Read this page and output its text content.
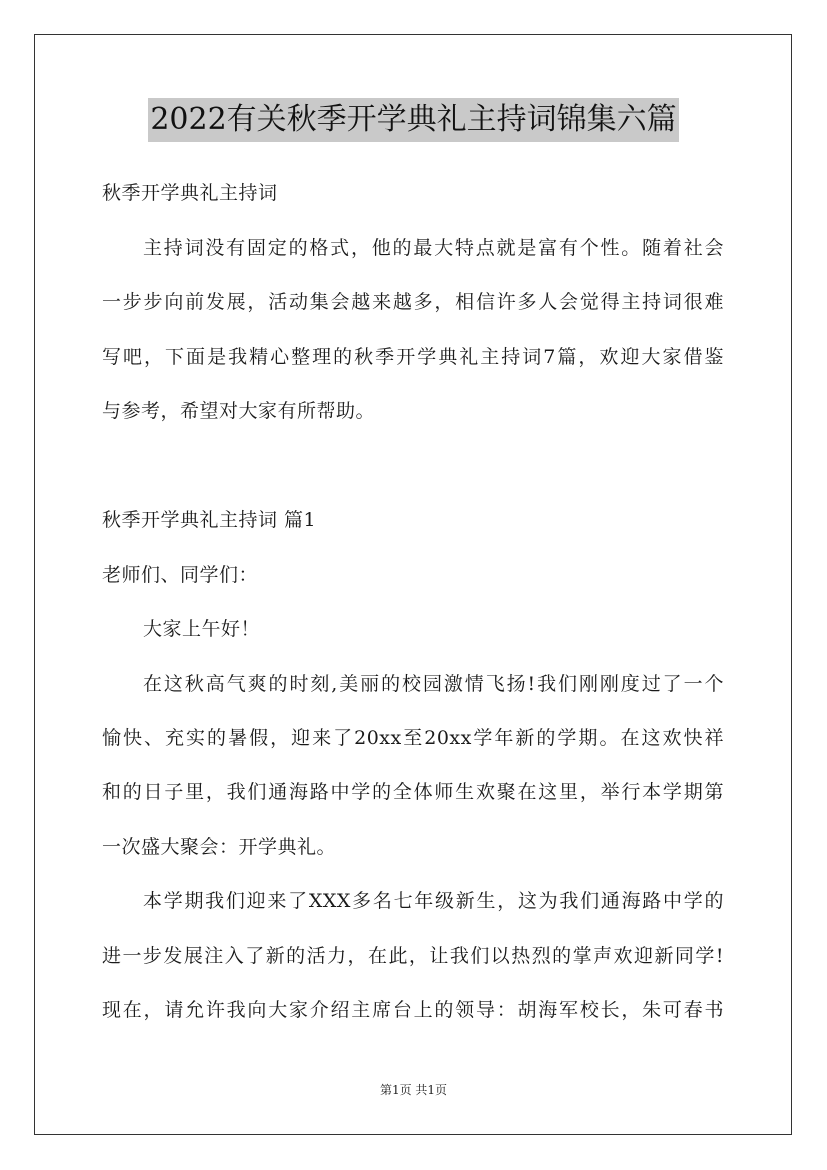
2022有关秋季开学典礼主持词锦集六篇
秋季开学典礼主持词
主持词没有固定的格式，他的最大特点就是富有个性。随着社会
一步步向前发展，活动集会越来越多，相信许多人会觉得主持词很难
写吧，下面是我精心整理的秋季开学典礼主持词7篇，欢迎大家借鉴
与参考，希望对大家有所帮助。
秋季开学典礼主持词 篇1
老师们、同学们：
大家上午好！
在这秋高气爽的时刻,美丽的校园激情飞扬!我们刚刚度过了一个
愉快、充实的暑假，迎来了20xx至20xx学年新的学期。在这欢快祥
和的日子里，我们通海路中学的全体师生欢聚在这里，举行本学期第
一次盛大聚会：开学典礼。
本学期我们迎来了XXX多名七年级新生，这为我们通海路中学的
进一步发展注入了新的活力，在此，让我们以热烈的掌声欢迎新同学!
现在，请允许我向大家介绍主席台上的领导：胡海军校长，朱可春书
第1页 共1页
